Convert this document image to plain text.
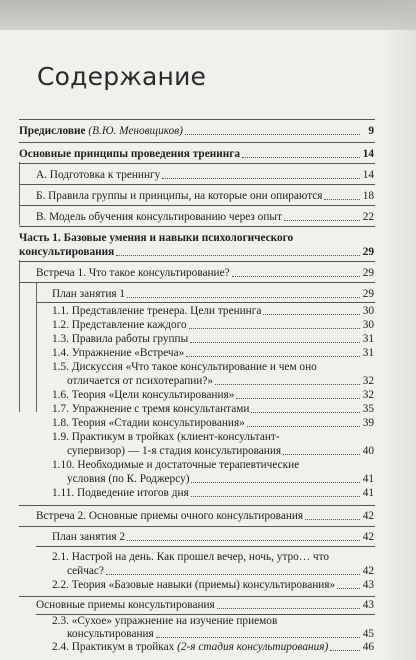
Содержание
Предисловие (В.Ю. Меновщиков)	9
Основные принципы проведения тренинга	14
А. Подготовка к тренингу	14
Б. Правила группы и принципы, на которые они опираются	18
В. Модель обучения консультированию через опыт	22
Часть 1. Базовые умения и навыки психологического
консультирования	29
Встреча 1. Что такое консультирование?	29
План занятия 1	29
1.1. Представление тренера. Цели тренинга	30
1.2. Представление каждого	30
1.3. Правила работы группы	31
1.4. Упражнение «Встреча»	31
1.5. Дискуссия «Что такое консультирование и чем оно
отличается от психотерапии?»	32
1.6. Теория «Цели консультирования»	32
1.7. Упражнение с тремя консультантами	35
1.8. Теория «Стадии консультирования»	39
1.9. Практикум в тройках (клиент-консультант-
супервизор) — 1-я стадия консультирования	40
1.10. Необходимые и достаточные терапевтические
условия (по К. Роджерсу)	41
1.11. Подведение итогов дня	41
Встреча 2. Основные приемы очного консультирования	42
План занятия 2	42
2.1. Настрой на день. Как прошел вечер, ночь, утро… что
сейчас?	42
2.2. Теория «Базовые навыки (приемы) консультирования» 43
Основные приемы консультирования	43
2.3. «Сухое» упражнение на изучение приемов
консультирования	45
2.4. Практикум в тройках (2-я стадия консультирования)	46
